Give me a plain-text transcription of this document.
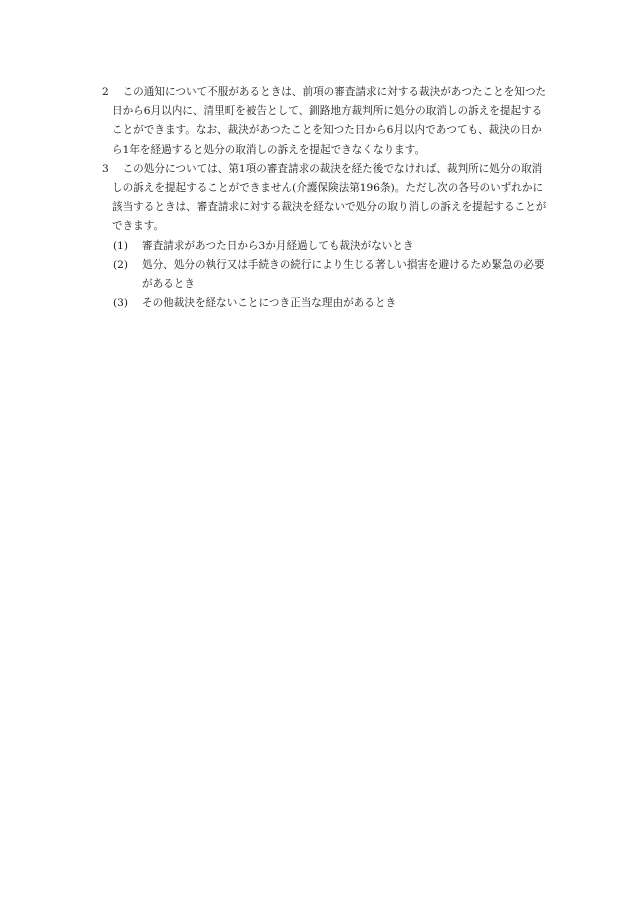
2	この通知について不服があるときは、前項の審査請求に対する裁決があつたことを知つた日から6月以内に、清里町を被告として、釧路地方裁判所に処分の取消しの訴えを提起することができます。なお、裁決があつたことを知つた日から6月以内であつても、裁決の日から1年を経過すると処分の取消しの訴えを提起できなくなります。
3	この処分については、第1項の審査請求の裁決を経た後でなければ、裁判所に処分の取消しの訴えを提起することができません(介護保険法第196条)。ただし次の各号のいずれかに該当するときは、審査請求に対する裁決を経ないで処分の取り消しの訴えを提起することができます。
(1) 審査請求があつた日から3か月経過しても裁決がないとき
(2) 処分、処分の執行又は手続きの続行により生じる著しい損害を避けるため緊急の必要があるとき
(3) その他裁決を経ないことにつき正当な理由があるとき
